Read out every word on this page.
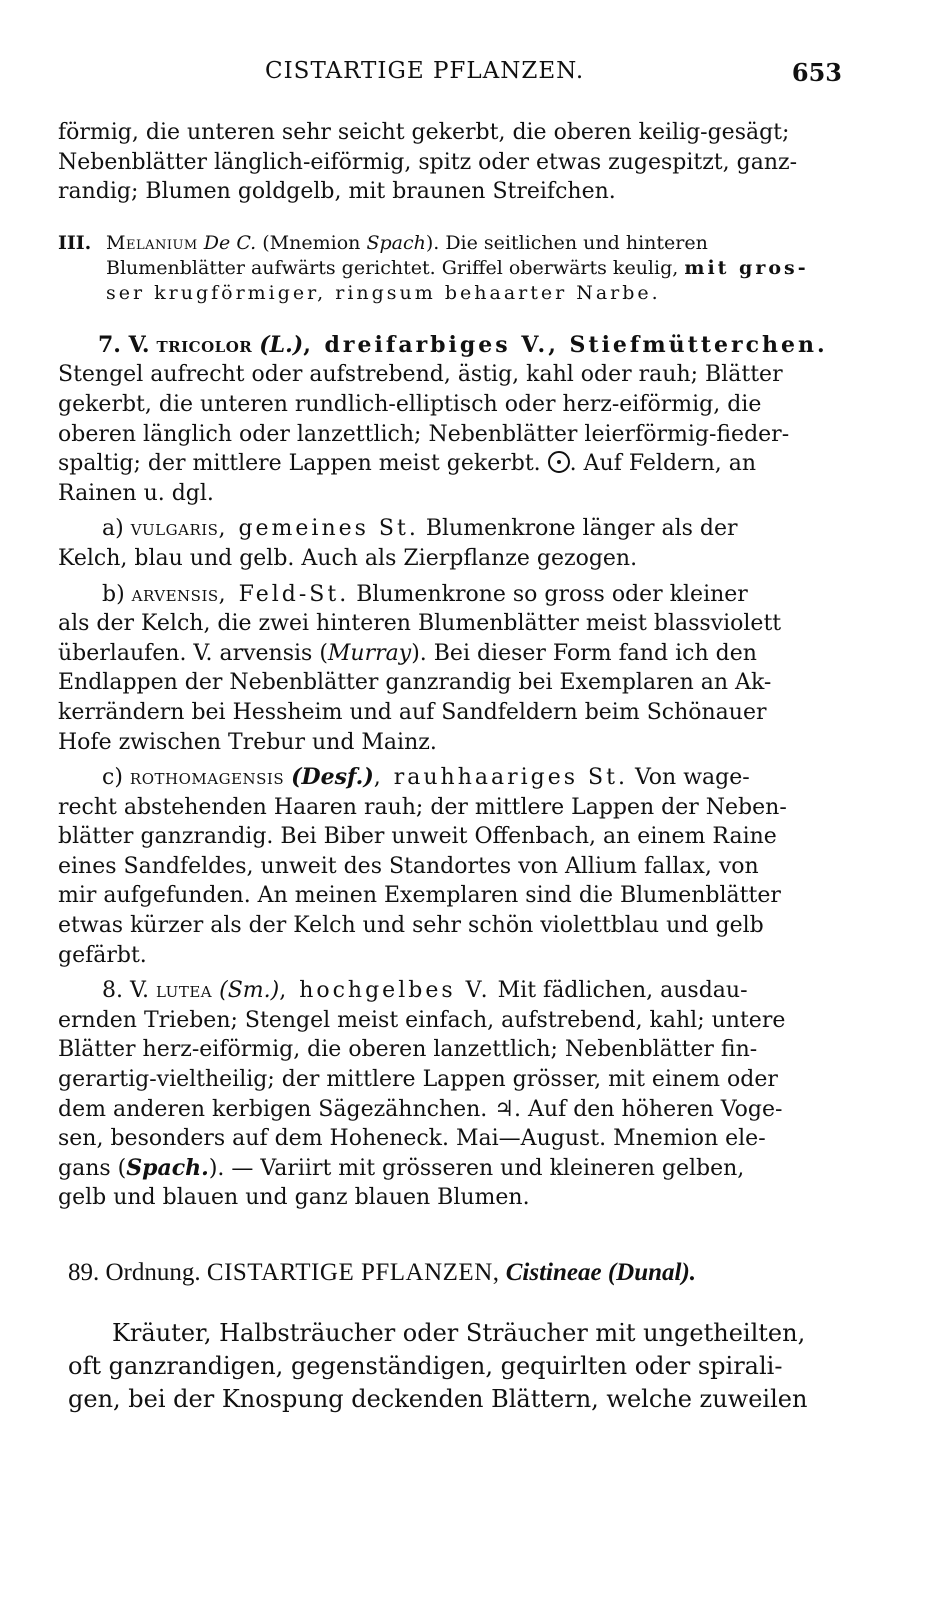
CISTARTIGE PFLANZEN.	653
förmig, die unteren sehr seicht gekerbt, die oberen keilig-gesägt;
Nebenblätter länglich-eiförmig, spitz oder etwas zugespitzt, ganz-
randig; Blumen goldgelb, mit braunen Streifchen.
III. Melanium De C. (Mnemion Spach). Die seitlichen und hinteren
Blumenblätter aufwärts gerichtet. Griffel oberwärts keulig, mit gros-
ser krugförmiger, ringsum behaarter Narbe.
7. V. tricolor (L.), dreifarbiges V., Stiefmütterchen.
Stengel aufrecht oder aufstrebend, ästig, kahl oder rauh; Blätter
gekerbt, die unteren rundlich-elliptisch oder herz-eiförmig, die
oberen länglich oder lanzettlich; Nebenblätter leierförmig-fieder-
spaltig; der mittlere Lappen meist gekerbt. . Auf Feldern, an
Rainen u. dgl.
a) vulgaris, gemeines St. Blumenkrone länger als der
Kelch, blau und gelb. Auch als Zierpflanze gezogen.
b) arvensis, Feld-St. Blumenkrone so gross oder kleiner
als der Kelch, die zwei hinteren Blumenblätter meist blassviolett
überlaufen. V. arvensis (Murray). Bei dieser Form fand ich den
Endlappen der Nebenblätter ganzrandig bei Exemplaren an Ak-
kerrändern bei Hessheim und auf Sandfeldern beim Schönauer
Hofe zwischen Trebur und Mainz.
c) rothomagensis (Desf.), rauhhaariges St. Von wage-
recht abstehenden Haaren rauh; der mittlere Lappen der Neben-
blätter ganzrandig. Bei Biber unweit Offenbach, an einem Raine
eines Sandfeldes, unweit des Standortes von Allium fallax, von
mir aufgefunden. An meinen Exemplaren sind die Blumenblätter
etwas kürzer als der Kelch und sehr schön violettblau und gelb
gefärbt.
8. V. lutea (Sm.), hochgelbes V. Mit fädlichen, ausdau-
ernden Trieben; Stengel meist einfach, aufstrebend, kahl; untere
Blätter herz-eiförmig, die oberen lanzettlich; Nebenblätter fin-
gerartig-vieltheilig; der mittlere Lappen grösser, mit einem oder
dem anderen kerbigen Sägezähnchen. ♃. Auf den höheren Voge-
sen, besonders auf dem Hoheneck. Mai—August. Mnemion ele-
gans (Spach.). — Variirt mit grösseren und kleineren gelben,
gelb und blauen und ganz blauen Blumen.
89. Ordnung. CISTARTIGE PFLANZEN, Cistineae (Dunal).
Kräuter, Halbsträucher oder Sträucher mit ungetheilten,
oft ganzrandigen, gegenständigen, gequirlten oder spirali-
gen, bei der Knospung deckenden Blättern, welche zuweilen
